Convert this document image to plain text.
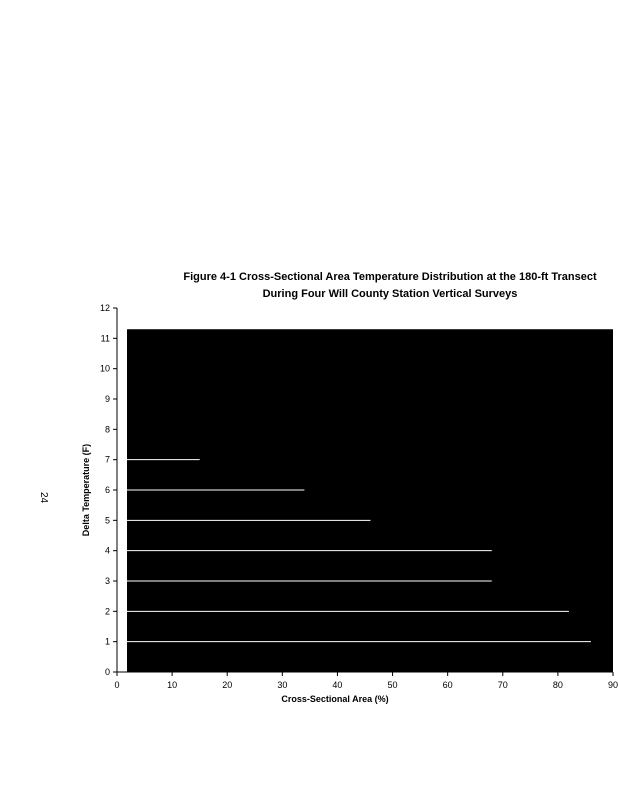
24
Figure 4-1 Cross-Sectional Area Temperature Distribution at the 180-ft Transect
During Four Will County Station Vertical Surveys
0	10	20	30	40	50	60	70	80	90
0
1
2
3
4
5
6
7
8
9
10
11
12
Cross-Sectional Area (%)
Delta Temperature (F)
